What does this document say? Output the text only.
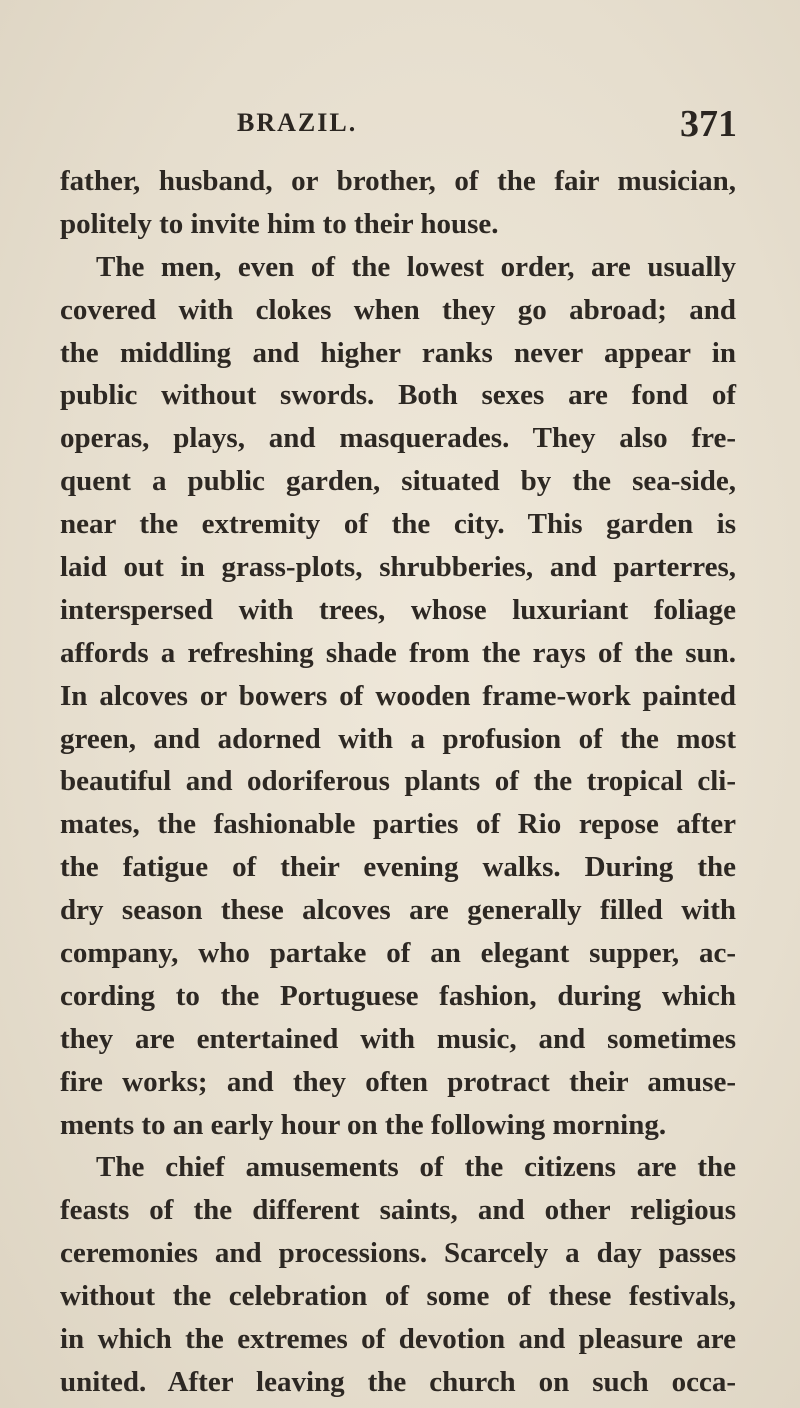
BRAZIL.	371
father, husband, or brother, of the fair musician,
politely to invite him to their house.
The men, even of the lowest order, are usually
covered with clokes when they go abroad; and
the middling and higher ranks never appear in
public without swords. Both sexes are fond of
operas, plays, and masquerades. They also fre-
quent a public garden, situated by the sea-side,
near the extremity of the city. This garden is
laid out in grass-plots, shrubberies, and parterres,
interspersed with trees, whose luxuriant foliage
affords a refreshing shade from the rays of the sun.
In alcoves or bowers of wooden frame-work painted
green, and adorned with a profusion of the most
beautiful and odoriferous plants of the tropical cli-
mates, the fashionable parties of Rio repose after
the fatigue of their evening walks. During the
dry season these alcoves are generally filled with
company, who partake of an elegant supper, ac-
cording to the Portuguese fashion, during which
they are entertained with music, and sometimes
fire works; and they often protract their amuse-
ments to an early hour on the following morning.
The chief amusements of the citizens are the
feasts of the different saints, and other religious
ceremonies and processions. Scarcely a day passes
without the celebration of some of these festivals,
in which the extremes of devotion and pleasure are
united. After leaving the church on such occa-
